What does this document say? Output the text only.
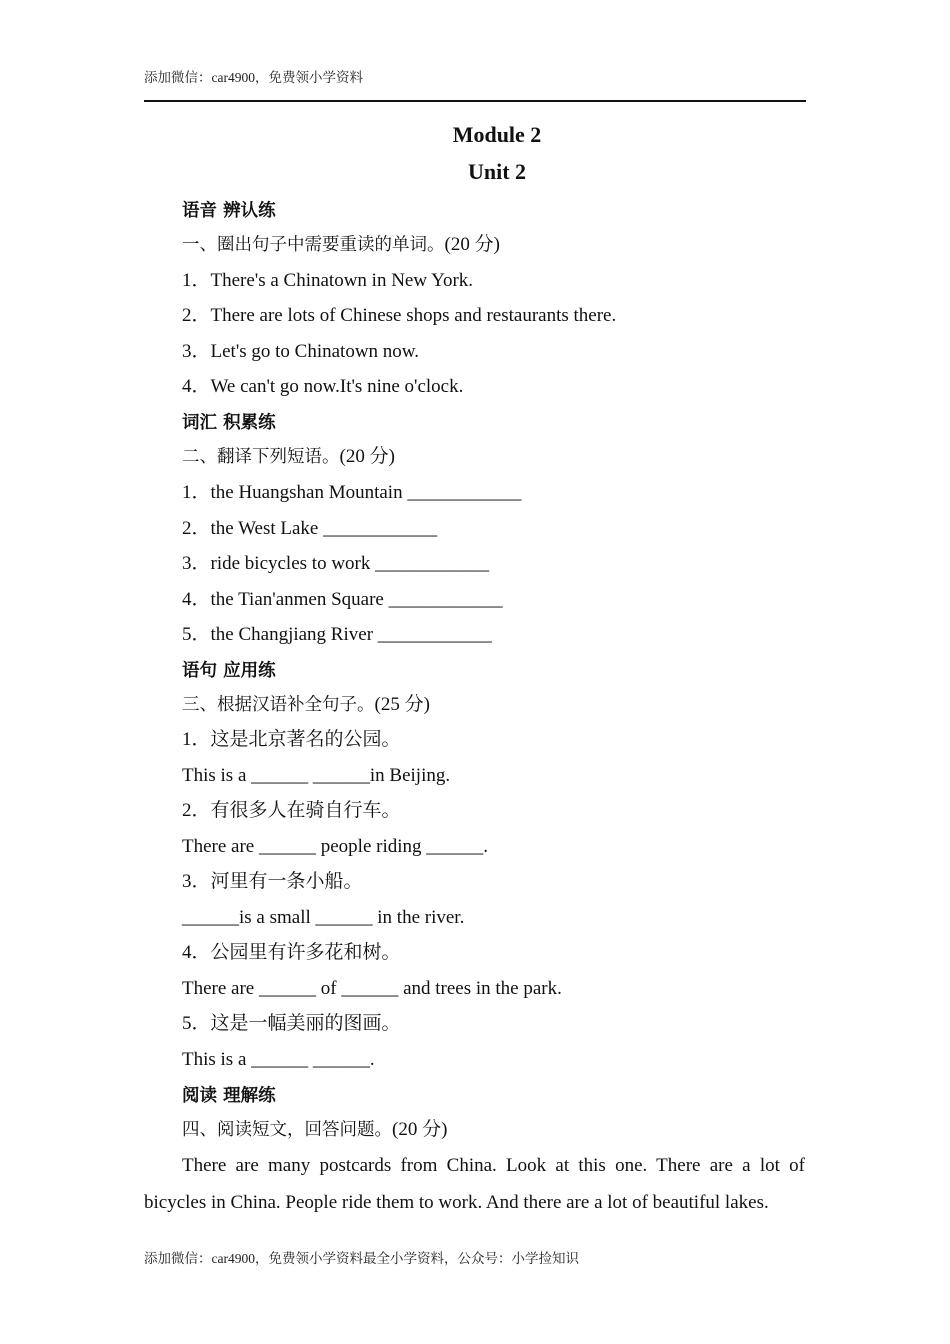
添加微信：car4900，免费领小学资料
Module 2
Unit 2
语音 辨认练
一、圈出句子中需要重读的单词。(20 分)
1．There's a Chinatown in New York.
2．There are lots of Chinese shops and restaurants there.
3．Let's go to Chinatown now.
4．We can't go now.It's nine o'clock.
词汇 积累练
二、翻译下列短语。(20 分)
1．the Huangshan Mountain ____________
2．the West Lake ____________
3．ride bicycles to work ____________
4．the Tian'anmen Square ____________
5．the Changjiang River ____________
语句 应用练
三、根据汉语补全句子。(25 分)
1．这是北京著名的公园。
This is a ______ ______in Beijing.
2．有很多人在骑自行车。
There are ______ people riding ______.
3．河里有一条小船。
______is a small ______ in the river.
4．公园里有许多花和树。
There are ______ of ______ and trees in the park.
5．这是一幅美丽的图画。
This is a ______ ______.
阅读 理解练
四、阅读短文，回答问题。(20 分)
There are many postcards from China. Look at this one. There are a lot of bicycles in China. People ride them to work. And there are a lot of beautiful lakes.
添加微信：car4900，免费领小学资料最全小学资料，公众号：小学捡知识
